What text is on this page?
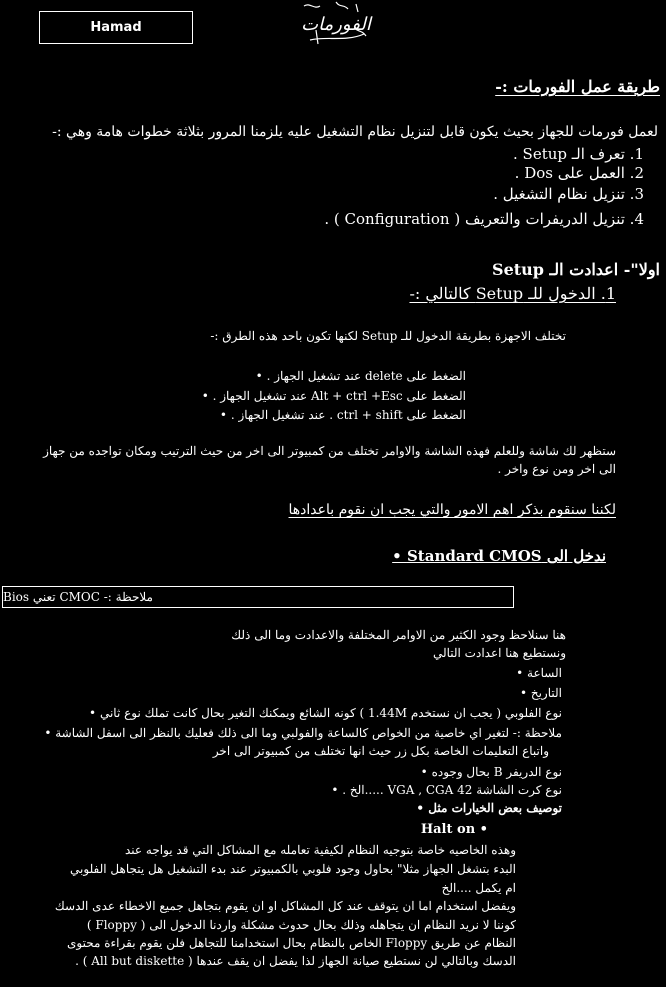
Hamad	الفورمات
طريقة عمل الفورمات :-
لعمل فورمات للجهاز بحيث يكون قابل لتنزيل نظام التشغيل عليه يلزمنا المرور بثلاثة خطوات هامة وهي :-
1. تعرف الـ Setup .
2. العمل على Dos .
3. تنزيل نظام التشغيل .
4. تنزيل الدريفرات والتعريف ( Configuration ) .
اولا"- اعدادت الـ Setup
1. الدخول للـ Setup كالتالي :-
تختلف الاجهزة بطريقة الدخول للـ Setup لكنها تكون باحد هذه الطرق :-
الضغط على delete عند تشغيل الجهاز . •
الضغط على Alt + ctrl +Esc عند تشغيل الجهاز . •
الضغط على ctrl + shift . عند تشغيل الجهاز . •
ستظهر لك شاشة وللعلم فهذه الشاشة والاوامر تختلف من كمبيوتر الى اخر من حيث الترتيب ومكان تواجده من جهاز
الى اخر ومن نوع واخر .
لكننا سنقوم بذكر اهم الامور والتي يجب ان نقوم باعدادها
ندخل الى Standard CMOS •
ملاحظة :- CMOC تعني Bios
هنا سنلاحظ وجود الكثير من الاوامر المختلفة والاعدادت وما الى ذلك
ونستطيع هنا اعدادت التالي
الساعة •
التاريخ •
نوع الفلوبي ( يجب ان نستخدم 1.44M ) كونه الشائع ويمكنك التغير بحال كانت تملك نوع ثاني •
ملاحظة :- لتغير اي خاصية من الخواص كالساعة والفولبي وما الى ذلك فعليك بالنظر الى اسفل الشاشة •
واتباع التعليمات الخاصة بكل زر حيث انها تختلف من كمبيوتر الى اخر
نوع الدريفر B بحال وجوده •
نوع كرت الشاشة VGA , CGA 42 .....الخ . •
توصيف بعض الخيارات مثل •
Halt on •
وهذه الخاصيه خاصة بتوجيه النظام لكيفية تعامله مع المشاكل التي قد يواجه عند
البدء بتشغل الجهاز مثلا" بحاول وجود فلوبي بالكمبيوتر عند بدء التشغيل هل يتجاهل الفلوبي
ام يكمل ....الخ
ويفضل استخدام اما ان يتوقف عند كل المشاكل او ان يقوم بتجاهل جميع الاخطاء عدى الدسك
( Floppy ) كوننا لا نريد النظام ان يتجاهله وذلك بحال حدوث مشكلة واردنا الدخول الى
النظام عن طريق Floppy الخاص بالنظام بحال استخدامنا للتجاهل فلن يقوم بقراءة محتوى
الدسك وبالتالي لن نستطيع صيانة الجهاز لذا يفضل ان يقف عندها ( All but diskette ) .
